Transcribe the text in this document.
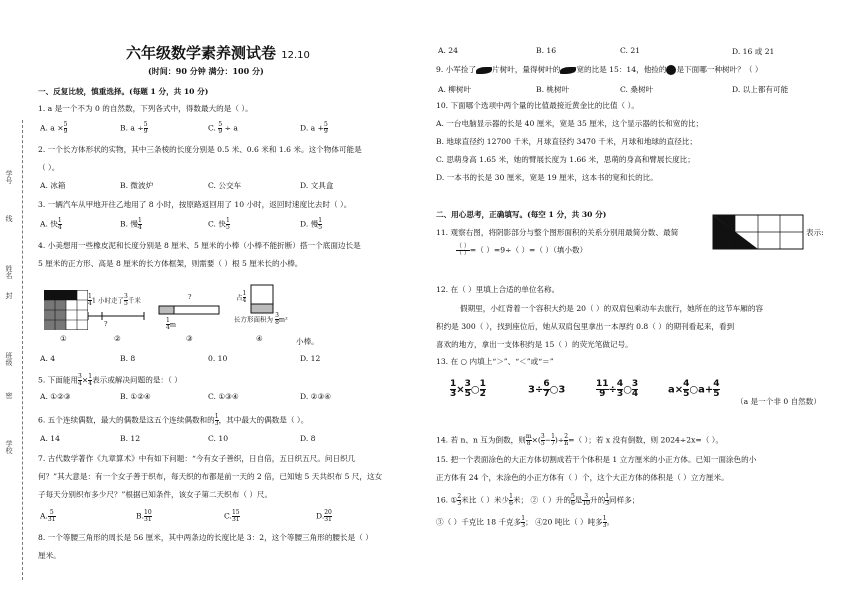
学号
线
姓名
封
班级
密
学校
六年级数学素养测试卷 12.10
(时间：90 分钟 满分：100 分)
一、反复比较，慎重选择。(每题 1 分，共 10 分)
1. a 是一个不为 0 的自然数，下列各式中，得数最大的是（ ）。
A. $a \times \frac{5}{9}$	B. $a \div \frac{5}{9}$	C. $\frac{5}{9} \div a$	D. $a + \frac{5}{9}$
2. 一个长方体形状的实物，其中三条棱的长度分别是 0.5 米、0.6 米和 1.6 米。这个物体可能是
（ ）。
A. 冰箱	B. 微波炉	C. 公交车	D. 文具盒
3. 一辆汽车从甲地开往乙地用了 8 小时，按原路返回用了 10 小时，返回时速度比去时（ ）。
A. 快 $\frac{1}{4}$	B. 慢 $\frac{1}{4}$	C. 快 $\frac{1}{5}$	D. 慢 $\frac{1}{5}$
4. 小美想用一些橡皮泥和长度分别是 8 厘米、5 厘米的小棒（小棒不能折断）搭一个底面边长是
5 厘米的正方形、高是 8 厘米的长方体框架，则需要（ ）根 5 厘米长的小棒。
$\frac{1}{4} 1$ 小时走了 $\frac{3}{5}$ 千米
?
?
$\frac{1}{4}$ m
占 $\frac{1}{4}$
长方形面积为 $\frac{3}{8} m^2$
①	②	③	④	小棒。
A. 4	B. 8	0. 10	D. 12
5. 下面能用 $\frac{3}{4} \times \frac{1}{4}$ 表示或解决问题的是：（ ）
A. ①②③	B. ①②④	C. ①③④	D. ②③④
6. 五个连续偶数，最大的偶数是这五个连续偶数和的 $\frac{1}{3}$ ，其中最大的偶数是（ ）。
A. 14	B. 12	C. 10	D. 8
7. 古代数学著作《九章算术》中有如下问题：“今有女子善织，日自倍，五日织五尺。问日织几
何？”其大意是：有一个女子善于织布，每天织的布都是前一天的 2 倍，已知她 5 天共织布 5 尺，这女
子每天分别织布多少尺？”根据已知条件，该女子第二天织布（ ）尺。
A. $\frac{5}{31}$	B. $\frac{10}{31}$	C. $\frac{15}{31}$	D. $\frac{20}{31}$
8. 一个等腰三角形的周长是 56 厘米，其中两条边的长度比是 3：2，这个等腰三角形的腰长是（ ）
厘米。
A. 24	B. 16	C. 21	D. 16 或 21
9. 小军捡了 片树叶，量得树叶的 宽的比是 15：14，他捡的 是下面哪一种树叶？（ ）
A. 柳树叶	B. 桃树叶	C. 桑树叶	D. 以上都有可能
10. 下面哪个选项中两个量的比值最接近黄金比的比值（ ）。
A. 一台电脑显示器的长是 40 厘米，宽是 35 厘米，这个显示器的长和宽的比；
B. 地球直径约 12700 千米，月球直径约 3470 千米，月球和地球的直径比；
C. 思萌身高 1.65 米，她的臂展长度为 1.66 米，思萌的身高和臂展长度比；
D. 一本书的长是 30 厘米，宽是 19 厘米，这本书的宽和长的比。
二、用心思考，正确填写。(每空 1 分，共 30 分)
11. 观察右图，将阴影部分与整个图形面积的关系分别用最简分数、最简	表示:
$\frac{( )}{( )}$ =（ ）=9÷（ ）=（ ）（填小数）
12. 在（ ）里填上合适的单位名称。
假期里，小红背着一个容积大约是 20（ ）的双肩包乘动车去旅行，她所在的这节车厢的容
积约是 300（ ），找到座位后，她从双肩包里拿出一本厚约 0.8（ ）的期刊看起来，看到
喜欢的地方，拿出一支体积约是 15（ ）的荧光笔做记号。
13. 在 ○ 内填上“＞”、“＜”或“＝”
$\frac{1}{3} \times \frac{3}{5}$ ○ $\frac{1}{2}$	$3\div \frac{6}{7}$ ○3	$\frac{11}{9} \div \frac{4}{3}$ ○ $\frac{3}{4}$	$a\times \frac{4}{5}$ ○a+ $\frac{4}{5}$
（a 是一个非 0 自然数）
14. 若 n、n 互为倒数，则 $\frac{m}{8}$ ×( $\frac{3}{5} - \frac{1}{7}$ )÷ $\frac{2}{n}$ =（ ）；若 x 没有倒数，则 2024÷2x=（ ）。
15. 把一个表面涂色的大正方体切割成若干个体积是 1 立方厘米的小正方体。已知一面涂色的小
正方体有 24 个，未涂色的小正方体有（ ）个，这个大正方体的体积是（ ）立方厘米。
16. ① $\frac{2}{3}$ 米比（ ）米少 $\frac{1}{6}$ 米； ②（ ）升的 $\frac{5}{6}$ 是 $\frac{3}{10}$ 升的 $\frac{1}{3}$ 同样多；
③（ ）千克比 18 千克多 $\frac{1}{3}$ ； ④20 吨比（ ）吨多 $\frac{1}{3}$ 。
